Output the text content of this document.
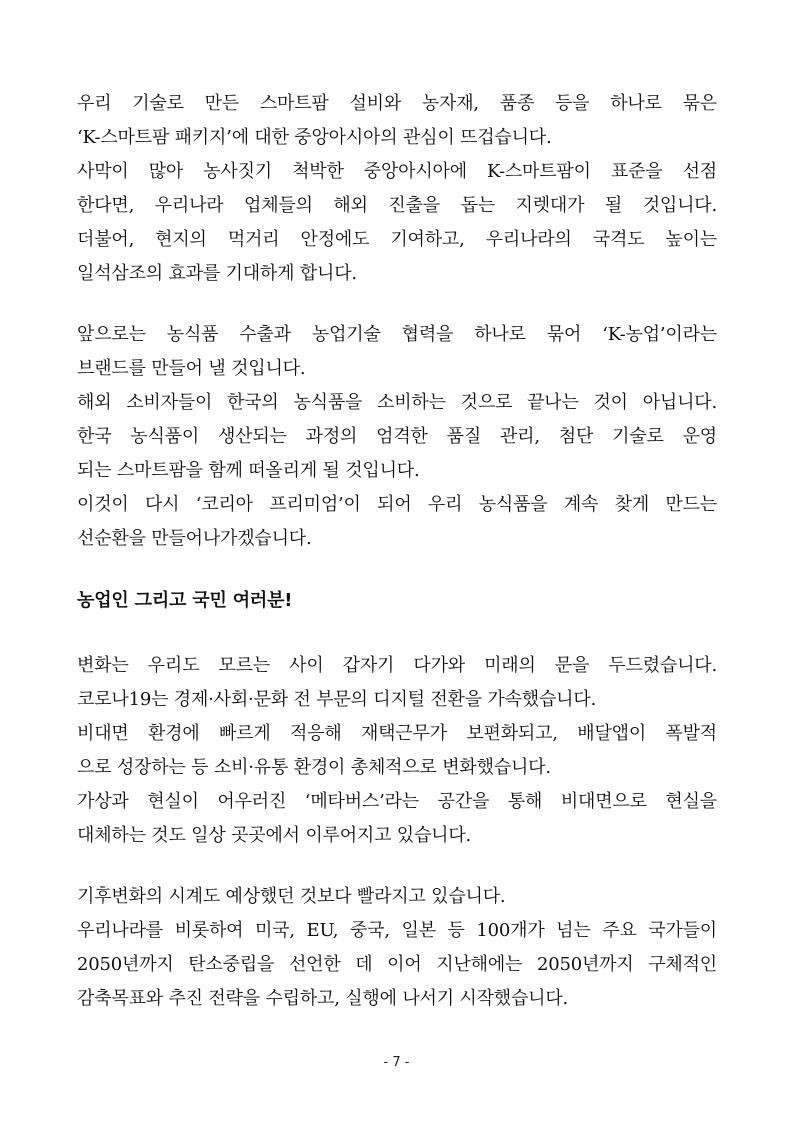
우리 기술로 만든 스마트팜 설비와 농자재, 품종 등을 하나로 묶은
‘K-스마트팜 패키지’에 대한 중앙아시아의 관심이 뜨겁습니다.
사막이 많아 농사짓기 척박한 중앙아시아에 K-스마트팜이 표준을 선점
한다면, 우리나라 업체들의 해외 진출을 돕는 지렛대가 될 것입니다.
더불어, 현지의 먹거리 안정에도 기여하고, 우리나라의 국격도 높이는
일석삼조의 효과를 기대하게 합니다.
앞으로는 농식품 수출과 농업기술 협력을 하나로 묶어 ‘K-농업’이라는
브랜드를 만들어 낼 것입니다.
해외 소비자들이 한국의 농식품을 소비하는 것으로 끝나는 것이 아닙니다.
한국 농식품이 생산되는 과정의 엄격한 품질 관리, 첨단 기술로 운영
되는 스마트팜을 함께 떠올리게 될 것입니다.
이것이 다시 ‘코리아 프리미엄’이 되어 우리 농식품을 계속 찾게 만드는
선순환을 만들어나가겠습니다.
농업인 그리고 국민 여러분!
변화는 우리도 모르는 사이 갑자기 다가와 미래의 문을 두드렸습니다.
코로나19는 경제·사회·문화 전 부문의 디지털 전환을 가속했습니다.
비대면 환경에 빠르게 적응해 재택근무가 보편화되고, 배달앱이 폭발적
으로 성장하는 등 소비·유통 환경이 총체적으로 변화했습니다.
가상과 현실이 어우러진 ‘메타버스’라는 공간을 통해 비대면으로 현실을
대체하는 것도 일상 곳곳에서 이루어지고 있습니다.
기후변화의 시계도 예상했던 것보다 빨라지고 있습니다.
우리나라를 비롯하여 미국, EU, 중국, 일본 등 100개가 넘는 주요 국가들이
2050년까지 탄소중립을 선언한 데 이어 지난해에는 2050년까지 구체적인
감축목표와 추진 전략을 수립하고, 실행에 나서기 시작했습니다.
- 7 -
